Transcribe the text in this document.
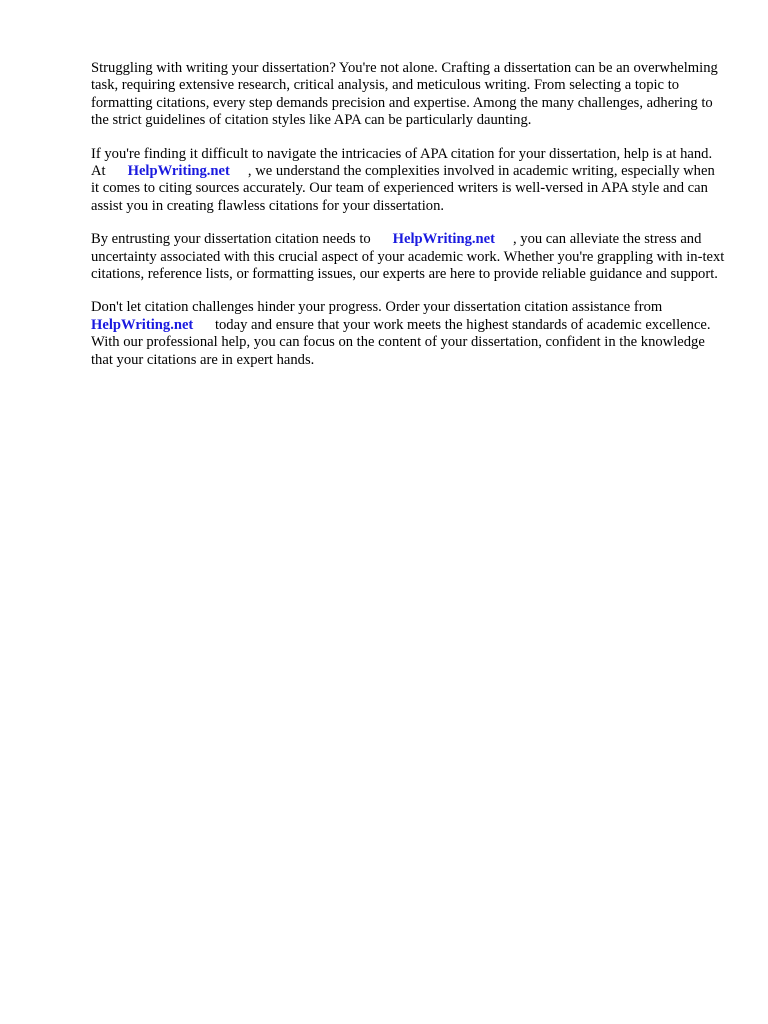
Struggling with writing your dissertation? You're not alone. Crafting a dissertation can be an overwhelming task, requiring extensive research, critical analysis, and meticulous writing. From selecting a topic to formatting citations, every step demands precision and expertise. Among the many challenges, adhering to the strict guidelines of citation styles like APA can be particularly daunting.

If you're finding it difficult to navigate the intricacies of APA citation for your dissertation, help is at hand. At HelpWriting.net , we understand the complexities involved in academic writing, especially when it comes to citing sources accurately. Our team of experienced writers is well-versed in APA style and can assist you in creating flawless citations for your dissertation.

By entrusting your dissertation citation needs to HelpWriting.net , you can alleviate the stress and uncertainty associated with this crucial aspect of your academic work. Whether you're grappling with in-text citations, reference lists, or formatting issues, our experts are here to provide reliable guidance and support.

Don't let citation challenges hinder your progress. Order your dissertation citation assistance from HelpWriting.net today and ensure that your work meets the highest standards of academic excellence. With our professional help, you can focus on the content of your dissertation, confident in the knowledge that your citations are in expert hands.
